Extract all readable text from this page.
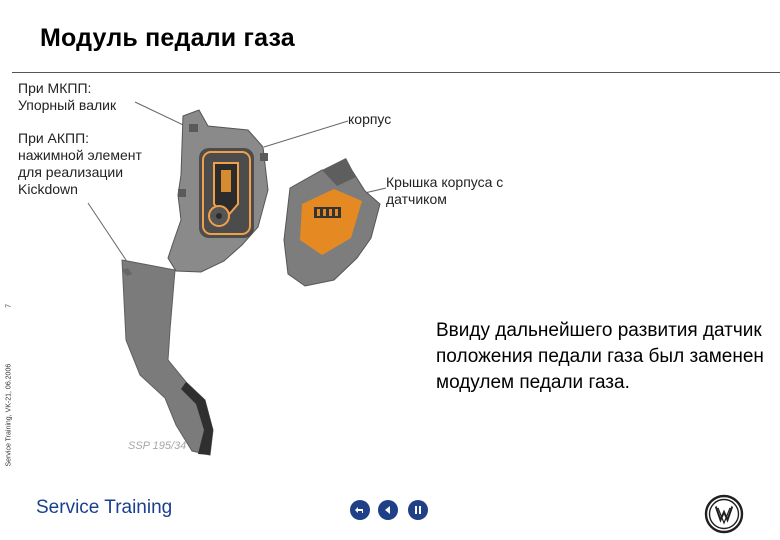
Модуль педали газа
Service Training, VK-21, 06.2006 7
При МКПП:
Упорный валик
При АКПП:
нажимной элемент
для реализации
Kickdown
корпус
Крышка корпуса с
датчиком
SSP 195/34
Ввиду дальнейшего развития датчик положения педали газа был заменен модулем педали газа.
Service Training
